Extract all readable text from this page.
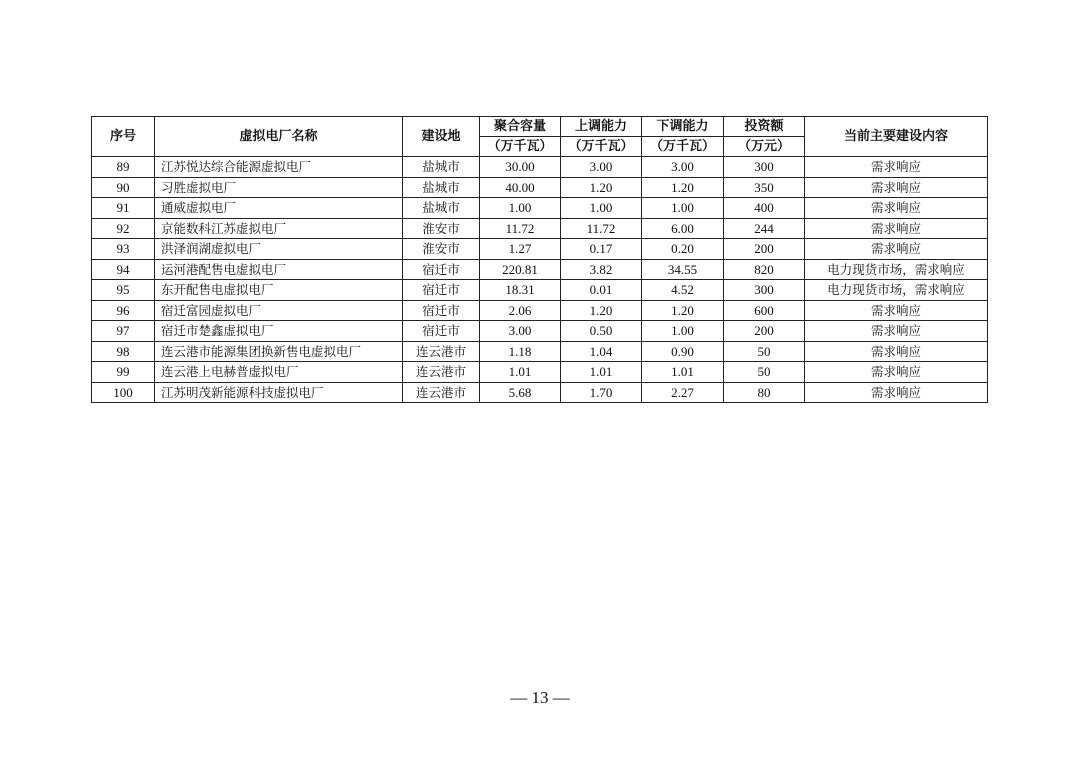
序号	虚拟电厂名称	建设地	聚合容量	上调能力	下调能力	投资额	当前主要建设内容
			（万千瓦）	（万千瓦）	（万千瓦）	（万元）	
89	江苏悦达综合能源虚拟电厂	盐城市	30.00	3.00	3.00	300	需求响应
90	习胜虚拟电厂	盐城市	40.00	1.20	1.20	350	需求响应
91	通威虚拟电厂	盐城市	1.00	1.00	1.00	400	需求响应
92	京能数科江苏虚拟电厂	淮安市	11.72	11.72	6.00	244	需求响应
93	洪泽润湖虚拟电厂	淮安市	1.27	0.17	0.20	200	需求响应
94	运河港配售电虚拟电厂	宿迁市	220.81	3.82	34.55	820	电力现货市场，需求响应
95	东开配售电虚拟电厂	宿迁市	18.31	0.01	4.52	300	电力现货市场，需求响应
96	宿迁富园虚拟电厂	宿迁市	2.06	1.20	1.20	600	需求响应
97	宿迁市楚鑫虚拟电厂	宿迁市	3.00	0.50	1.00	200	需求响应
98	连云港市能源集团换新售电虚拟电厂	连云港市	1.18	1.04	0.90	50	需求响应
99	连云港上电赫普虚拟电厂	连云港市	1.01	1.01	1.01	50	需求响应
100	江苏明茂新能源科技虚拟电厂	连云港市	5.68	1.70	2.27	80	需求响应
— 13 —
